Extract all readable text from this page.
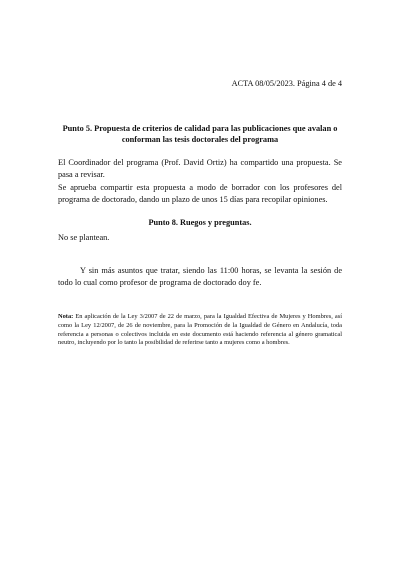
ACTA 08/05/2023. Página 4 de 4
Punto 5. Propuesta de criterios de calidad para las publicaciones que avalan o conforman las tesis doctorales del programa
El Coordinador del programa (Prof. David Ortiz) ha compartido una propuesta. Se pasa a revisar.
Se aprueba compartir esta propuesta a modo de borrador con los profesores del programa de doctorado, dando un plazo de unos 15 días para recopilar opiniones.
Punto 8. Ruegos y preguntas.
No se plantean.
Y sin más asuntos que tratar, siendo las 11:00 horas, se levanta la sesión de todo lo cual como profesor de programa de doctorado doy fe.
Nota: En aplicación de la Ley 3/2007 de 22 de marzo, para la Igualdad Efectiva de Mujeres y Hombres, así como la Ley 12/2007, de 26 de noviembre, para la Promoción de la Igualdad de Género en Andalucía, toda referencia a personas o colectivos incluida en este documento está haciendo referencia al género gramatical neutro, incluyendo por lo tanto la posibilidad de referirse tanto a mujeres como a hombres.
